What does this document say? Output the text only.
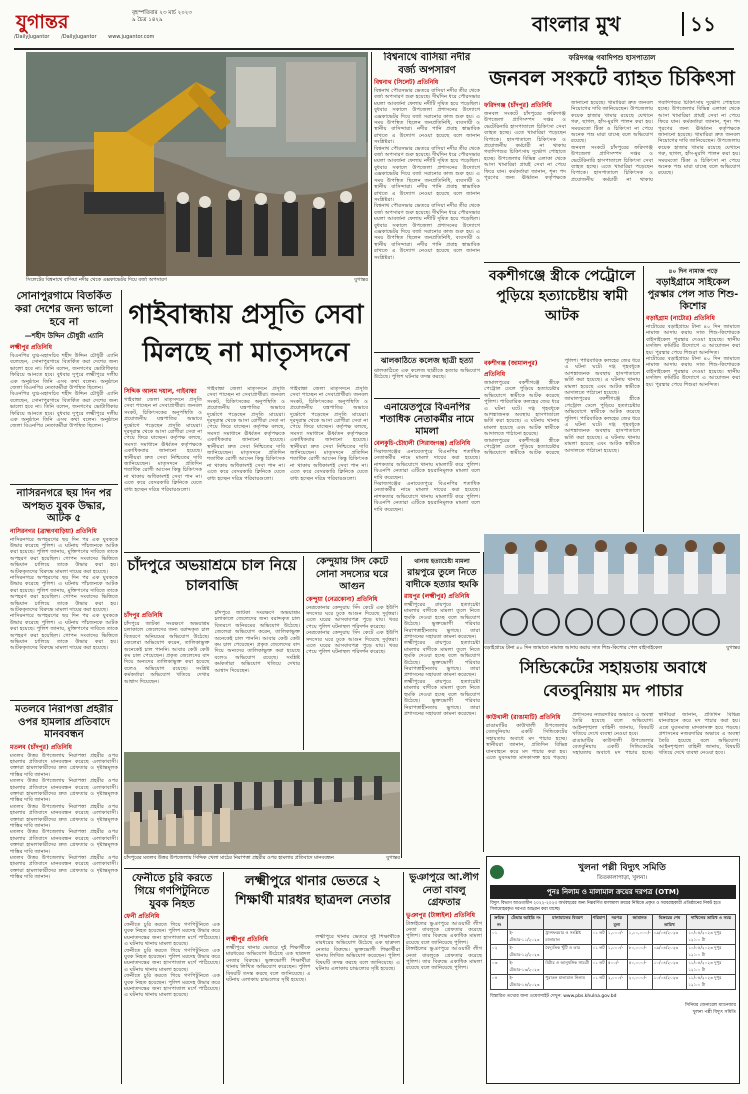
যুগান্তর	বৃহস্পতিবার ২৩ মার্চ ২০২৩
৯ চৈত্র ১৪২৯
/DailyJugantor /DailyJugantor www.jugantor.com
বাংলার মুখ	১১
সিলেটের বিশ্বনাথে বাসিয়া নদীর থেকে এক্সকাভেটর দিয়ে বর্জ্য অপসারণ	যুগান্তর
সোনাপুরগামে বিতর্কিত করা দেশের জন্য ভালো হবে না
—শহীদ উদ্দিন চৌধুরী এ্যানি
লক্ষ্মীপুর প্রতিনিধি
বিএনপির যুগ্ম-মহাসচিব শহীদ উদ্দিন চৌধুরী এ্যানি বলেছেন, সোনাপুরগামে বিতর্কিত করা দেশের জন্য ভালো হবে না। তিনি বলেন, জনগণের ভোটাধিকার ফিরিয়ে আনতে হবে। বুধবার দুপুরে লক্ষ্মীপুরে দলীয় এক অনুষ্ঠানে তিনি এসব কথা বলেন। অনুষ্ঠানে জেলা বিএনপির নেতাকর্মীরা উপস্থিত ছিলেন।
বিএনপির যুগ্ম-মহাসচিব শহীদ উদ্দিন চৌধুরী এ্যানি বলেছেন, সোনাপুরগামে বিতর্কিত করা দেশের জন্য ভালো হবে না। তিনি বলেন, জনগণের ভোটাধিকার ফিরিয়ে আনতে হবে। বুধবার দুপুরে লক্ষ্মীপুরে দলীয় এক অনুষ্ঠানে তিনি এসব কথা বলেন। অনুষ্ঠানে জেলা বিএনপির নেতাকর্মীরা উপস্থিত ছিলেন।
নাসিরনগরে ছয় দিন পর অপহৃত যুবক উদ্ধার, আটক ৫
নাসিরনগর (ব্রাহ্মণবাড়িয়া) প্রতিনিধি
নাসিরনগরে অপহরণের ছয় দিন পর এক যুবককে উদ্ধার করেছে পুলিশ। এ ঘটনায় পাঁচজনকে আটক করা হয়েছে। পুলিশ জানায়, মুক্তিপণের দাবিতে তাকে অপহরণ করা হয়েছিল। গোপন সংবাদের ভিত্তিতে অভিযান চালিয়ে তাকে উদ্ধার করা হয়। আটককৃতদের বিরুদ্ধে মামলা দায়ের করা হয়েছে।
নাসিরনগরে অপহরণের ছয় দিন পর এক যুবককে উদ্ধার করেছে পুলিশ। এ ঘটনায় পাঁচজনকে আটক করা হয়েছে। পুলিশ জানায়, মুক্তিপণের দাবিতে তাকে অপহরণ করা হয়েছিল। গোপন সংবাদের ভিত্তিতে অভিযান চালিয়ে তাকে উদ্ধার করা হয়। আটককৃতদের বিরুদ্ধে মামলা দায়ের করা হয়েছে।
নাসিরনগরে অপহরণের ছয় দিন পর এক যুবককে উদ্ধার করেছে পুলিশ। এ ঘটনায় পাঁচজনকে আটক করা হয়েছে। পুলিশ জানায়, মুক্তিপণের দাবিতে তাকে অপহরণ করা হয়েছিল। গোপন সংবাদের ভিত্তিতে অভিযান চালিয়ে তাকে উদ্ধার করা হয়। আটককৃতদের বিরুদ্ধে মামলা দায়ের করা হয়েছে।
মতলবে নিরাপত্তা প্রহরীর ওপর হামলার প্রতিবাদে মানববন্ধন
মতলব (চাঁদপুর) প্রতিনিধি
মতলব উত্তর উপজেলায় নিরাপত্তা প্রহরীর ওপর হামলার প্রতিবাদে মানববন্ধন করেছে এলাকাবাসী। বক্তারা হামলাকারীদের দ্রুত গ্রেফতার ও দৃষ্টান্তমূলক শাস্তির দাবি জানান।
মতলব উত্তর উপজেলায় নিরাপত্তা প্রহরীর ওপর হামলার প্রতিবাদে মানববন্ধন করেছে এলাকাবাসী। বক্তারা হামলাকারীদের দ্রুত গ্রেফতার ও দৃষ্টান্তমূলক শাস্তির দাবি জানান।
মতলব উত্তর উপজেলায় নিরাপত্তা প্রহরীর ওপর হামলার প্রতিবাদে মানববন্ধন করেছে এলাকাবাসী। বক্তারা হামলাকারীদের দ্রুত গ্রেফতার ও দৃষ্টান্তমূলক শাস্তির দাবি জানান।
মতলব উত্তর উপজেলায় নিরাপত্তা প্রহরীর ওপর হামলার প্রতিবাদে মানববন্ধন করেছে এলাকাবাসী। বক্তারা হামলাকারীদের দ্রুত গ্রেফতার ও দৃষ্টান্তমূলক শাস্তির দাবি জানান।
মতলব উত্তর উপজেলায় নিরাপত্তা প্রহরীর ওপর হামলার প্রতিবাদে মানববন্ধন করেছে এলাকাবাসী। বক্তারা হামলাকারীদের দ্রুত গ্রেফতার ও দৃষ্টান্তমূলক শাস্তির দাবি জানান।
গাইবান্ধায় প্রসূতি সেবা মিলছে না মাতৃসদনে
সিদ্দিক আলম দয়াল, গাইবান্ধা
গাইবান্ধা জেলা মাতৃসদনে প্রসূতি সেবা পাচ্ছেন না সেবাপ্রার্থীরা। জনবল সংকট, চিকিৎসকের অনুপস্থিতি ও প্রয়োজনীয় যন্ত্রপাতির অভাবে দুর্ভোগে পড়েছেন প্রসূতি মায়েরা। দূরদূরান্ত থেকে আসা রোগীরা সেবা না পেয়ে ফিরে যাচ্ছেন। কর্তৃপক্ষ বলছে, সমস্যা সমাধানে ঊর্ধ্বতন কর্তৃপক্ষকে একাধিকবার জানানো হয়েছে। স্থানীয়রা দ্রুত সেবা নিশ্চিতের দাবি জানিয়েছেন। মাতৃসদনে প্রতিদিন শতাধিক রোগী আসেন কিন্তু চিকিৎসক না থাকায় অধিকাংশই সেবা পান না। এতে করে বেসরকারি ক্লিনিকে যেতে বাধ্য হচ্ছেন দরিদ্র পরিবারগুলো।
গাইবান্ধা জেলা মাতৃসদনে প্রসূতি সেবা পাচ্ছেন না সেবাপ্রার্থীরা। জনবল সংকট, চিকিৎসকের অনুপস্থিতি ও প্রয়োজনীয় যন্ত্রপাতির অভাবে দুর্ভোগে পড়েছেন প্রসূতি মায়েরা। দূরদূরান্ত থেকে আসা রোগীরা সেবা না পেয়ে ফিরে যাচ্ছেন। কর্তৃপক্ষ বলছে, সমস্যা সমাধানে ঊর্ধ্বতন কর্তৃপক্ষকে একাধিকবার জানানো হয়েছে। স্থানীয়রা দ্রুত সেবা নিশ্চিতের দাবি জানিয়েছেন। মাতৃসদনে প্রতিদিন শতাধিক রোগী আসেন কিন্তু চিকিৎসক না থাকায় অধিকাংশই সেবা পান না। এতে করে বেসরকারি ক্লিনিকে যেতে বাধ্য হচ্ছেন দরিদ্র পরিবারগুলো।
গাইবান্ধা জেলা মাতৃসদনে প্রসূতি সেবা পাচ্ছেন না সেবাপ্রার্থীরা। জনবল সংকট, চিকিৎসকের অনুপস্থিতি ও প্রয়োজনীয় যন্ত্রপাতির অভাবে দুর্ভোগে পড়েছেন প্রসূতি মায়েরা। দূরদূরান্ত থেকে আসা রোগীরা সেবা না পেয়ে ফিরে যাচ্ছেন। কর্তৃপক্ষ বলছে, সমস্যা সমাধানে ঊর্ধ্বতন কর্তৃপক্ষকে একাধিকবার জানানো হয়েছে। স্থানীয়রা দ্রুত সেবা নিশ্চিতের দাবি জানিয়েছেন। মাতৃসদনে প্রতিদিন শতাধিক রোগী আসেন কিন্তু চিকিৎসক না থাকায় অধিকাংশই সেবা পান না। এতে করে বেসরকারি ক্লিনিকে যেতে বাধ্য হচ্ছেন দরিদ্র পরিবারগুলো।
বিশ্বনাথে বাসিয়া নদীর বর্জ্য অপসারণ
বিশ্বনাথ (সিলেট) প্রতিনিধি
বিশ্বনাথ পৌরসভার ভেতরে বাসিয়া নদীর তীর থেকে বর্জ্য অপসারণ শুরু হয়েছে। দীর্ঘদিন ধরে পৌরসভার ময়লা আবর্জনা ফেলায় নদীটি দূষিত হয়ে পড়েছিল। বুধবার সকালে উপজেলা প্রশাসনের উদ্যোগে এক্সকাভেটর দিয়ে বর্জ্য সরানোর কাজ শুরু হয়। এ সময় উপস্থিত ছিলেন জনপ্রতিনিধি, ব্যবসায়ী ও স্থানীয় বাসিন্দারা। নদীর পানি প্রবাহ স্বাভাবিক রাখতে এ উদ্যোগ নেওয়া হয়েছে বলে জানান সংশ্লিষ্টরা।
বিশ্বনাথ পৌরসভার ভেতরে বাসিয়া নদীর তীর থেকে বর্জ্য অপসারণ শুরু হয়েছে। দীর্ঘদিন ধরে পৌরসভার ময়লা আবর্জনা ফেলায় নদীটি দূষিত হয়ে পড়েছিল। বুধবার সকালে উপজেলা প্রশাসনের উদ্যোগে এক্সকাভেটর দিয়ে বর্জ্য সরানোর কাজ শুরু হয়। এ সময় উপস্থিত ছিলেন জনপ্রতিনিধি, ব্যবসায়ী ও স্থানীয় বাসিন্দারা। নদীর পানি প্রবাহ স্বাভাবিক রাখতে এ উদ্যোগ নেওয়া হয়েছে বলে জানান সংশ্লিষ্টরা।
বিশ্বনাথ পৌরসভার ভেতরে বাসিয়া নদীর তীর থেকে বর্জ্য অপসারণ শুরু হয়েছে। দীর্ঘদিন ধরে পৌরসভার ময়লা আবর্জনা ফেলায় নদীটি দূষিত হয়ে পড়েছিল। বুধবার সকালে উপজেলা প্রশাসনের উদ্যোগে এক্সকাভেটর দিয়ে বর্জ্য সরানোর কাজ শুরু হয়। এ সময় উপস্থিত ছিলেন জনপ্রতিনিধি, ব্যবসায়ী ও স্থানীয় বাসিন্দারা। নদীর পানি প্রবাহ স্বাভাবিক রাখতে এ উদ্যোগ নেওয়া হয়েছে বলে জানান সংশ্লিষ্টরা।
ঝালকাঠিতে কলেজ ছাত্রী হত্যা
ঝালকাঠিতে এক কলেজ ছাত্রীকে হত্যার অভিযোগ উঠেছে। পুলিশ ঘটনার তদন্ত করছে।
এনায়েতপুরে বিএনপির শতাধিক নেতাকর্মীর নামে মামলা
বেলকুচি-চৌহালী (সিরাজগঞ্জ) প্রতিনিধি
সিরাজগঞ্জের এনায়েতপুরে বিএনপির শতাধিক নেতাকর্মীর নামে মামলা দায়ের করা হয়েছে। নাশকতার অভিযোগে থানায় মামলাটি করে পুলিশ। বিএনপি নেতারা এটিকে হয়রানিমূলক মামলা বলে দাবি করেছেন।
সিরাজগঞ্জের এনায়েতপুরে বিএনপির শতাধিক নেতাকর্মীর নামে মামলা দায়ের করা হয়েছে। নাশকতার অভিযোগে থানায় মামলাটি করে পুলিশ। বিএনপি নেতারা এটিকে হয়রানিমূলক মামলা বলে দাবি করেছেন।
ফরিদগঞ্জ গবাদিপশু হাসপাতাল
জনবল সংকটে ব্যাহত চিকিৎসা
ফরিদগঞ্জ (চাঁদপুর) প্রতিনিধি
জনবল সংকটে চাঁদপুরের ফরিদগঞ্জ উপজেলা প্রাণিসম্পদ দপ্তর ও ভেটেরিনারি হাসপাতালে চিকিৎসা সেবা ব্যাহত হচ্ছে। এতে খামারিরা পড়েছেন বিপাকে। হাসপাতালে চিকিৎসক ও প্রয়োজনীয় কর্মচারী না থাকায় গবাদিপশুর চিকিৎসায় দুর্ভোগ পোহাতে হচ্ছে। উপজেলার বিভিন্ন এলাকা থেকে আসা খামারিরা প্রায়ই সেবা না পেয়ে ফিরে যান। কর্মকর্তারা জানান, শূন্য পদ পূরণের জন্য ঊর্ধ্বতন কর্তৃপক্ষকে জানানো হয়েছে। খামারিরা দ্রুত জনবল নিয়োগের দাবি জানিয়েছেন। উপজেলায় কয়েক হাজার খামার রয়েছে যেখানে গরু, ছাগল, হাঁস-মুরগি পালন করা হয়। সময়মতো টিকা ও চিকিৎসা না পেয়ে অনেক পশু মারা যাচ্ছে বলে অভিযোগ রয়েছে।
জনবল সংকটে চাঁদপুরের ফরিদগঞ্জ উপজেলা প্রাণিসম্পদ দপ্তর ও ভেটেরিনারি হাসপাতালে চিকিৎসা সেবা ব্যাহত হচ্ছে। এতে খামারিরা পড়েছেন বিপাকে। হাসপাতালে চিকিৎসক ও প্রয়োজনীয় কর্মচারী না থাকায় গবাদিপশুর চিকিৎসায় দুর্ভোগ পোহাতে হচ্ছে। উপজেলার বিভিন্ন এলাকা থেকে আসা খামারিরা প্রায়ই সেবা না পেয়ে ফিরে যান। কর্মকর্তারা জানান, শূন্য পদ পূরণের জন্য ঊর্ধ্বতন কর্তৃপক্ষকে জানানো হয়েছে। খামারিরা দ্রুত জনবল নিয়োগের দাবি জানিয়েছেন। উপজেলায় কয়েক হাজার খামার রয়েছে যেখানে গরু, ছাগল, হাঁস-মুরগি পালন করা হয়। সময়মতো টিকা ও চিকিৎসা না পেয়ে অনেক পশু মারা যাচ্ছে বলে অভিযোগ রয়েছে।
বকশীগঞ্জে স্ত্রীকে পেট্রোলে পুড়িয়ে হত্যাচেষ্টায় স্বামী আটক
বকশীগঞ্জ (জামালপুর) প্রতিনিধি
জামালপুরের বকশীগঞ্জে স্ত্রীকে পেট্রোল ঢেলে পুড়িয়ে হত্যাচেষ্টার অভিযোগে স্বামীকে আটক করেছে পুলিশ। পারিবারিক কলহের জের ধরে এ ঘটনা ঘটে। দগ্ধ গৃহবধূকে আশঙ্কাজনক অবস্থায় হাসপাতালে ভর্তি করা হয়েছে। এ ঘটনায় থানায় মামলা হয়েছে এবং আটক স্বামীকে আদালতে পাঠানো হয়েছে।
জামালপুরের বকশীগঞ্জে স্ত্রীকে পেট্রোল ঢেলে পুড়িয়ে হত্যাচেষ্টার অভিযোগে স্বামীকে আটক করেছে পুলিশ। পারিবারিক কলহের জের ধরে এ ঘটনা ঘটে। দগ্ধ গৃহবধূকে আশঙ্কাজনক অবস্থায় হাসপাতালে ভর্তি করা হয়েছে। এ ঘটনায় থানায় মামলা হয়েছে এবং আটক স্বামীকে আদালতে পাঠানো হয়েছে।
জামালপুরের বকশীগঞ্জে স্ত্রীকে পেট্রোল ঢেলে পুড়িয়ে হত্যাচেষ্টার অভিযোগে স্বামীকে আটক করেছে পুলিশ। পারিবারিক কলহের জের ধরে এ ঘটনা ঘটে। দগ্ধ গৃহবধূকে আশঙ্কাজনক অবস্থায় হাসপাতালে ভর্তি করা হয়েছে। এ ঘটনায় থানায় মামলা হয়েছে এবং আটক স্বামীকে আদালতে পাঠানো হয়েছে।
৪০ দিন নামাজ পড়ে
বড়াইগ্রামে সাইকেল পুরস্কার পেল সাত শিশু-কিশোর
বড়াইগ্রাম (নাটোর) প্রতিনিধি
নাটোরের বড়াইগ্রামে টানা ৪০ দিন জামাতে নামাজ আদায় করায় সাত শিশু-কিশোরকে বাইসাইকেল পুরস্কার দেওয়া হয়েছে। স্থানীয় মসজিদ কমিটির উদ্যোগে এ আয়োজন করা হয়। পুরস্কার পেয়ে শিশুরা আনন্দিত।
নাটোরের বড়াইগ্রামে টানা ৪০ দিন জামাতে নামাজ আদায় করায় সাত শিশু-কিশোরকে বাইসাইকেল পুরস্কার দেওয়া হয়েছে। স্থানীয় মসজিদ কমিটির উদ্যোগে এ আয়োজন করা হয়। পুরস্কার পেয়ে শিশুরা আনন্দিত।
বড়াইগ্রামে টানা ৪০ দিন জামাতে নামাজ আদায় করায় সাত শিশু-কিশোর পেল বাইসাইকেল	যুগান্তর
চাঁদপুরে অভয়াশ্রমে চাল নিয়ে চালবাজি
চাঁদপুর প্রতিনিধি
চাঁদপুরে জাটকা সংরক্ষণে অভয়াশ্রম চলাকালে জেলেদের জন্য বরাদ্দকৃত চাল বিতরণে অনিয়মের অভিযোগ উঠেছে। জেলেরা অভিযোগ করেন, তালিকাভুক্ত অনেকেই চাল পাননি। আবার কেউ কেউ কম চাল পেয়েছেন। প্রকৃত জেলেদের বাদ দিয়ে অন্যদের তালিকাভুক্ত করা হয়েছে বলেও অভিযোগ রয়েছে। সংশ্লিষ্ট কর্মকর্তারা অভিযোগ খতিয়ে দেখার আশ্বাস দিয়েছেন।
চাঁদপুরে জাটকা সংরক্ষণে অভয়াশ্রম চলাকালে জেলেদের জন্য বরাদ্দকৃত চাল বিতরণে অনিয়মের অভিযোগ উঠেছে। জেলেরা অভিযোগ করেন, তালিকাভুক্ত অনেকেই চাল পাননি। আবার কেউ কেউ কম চাল পেয়েছেন। প্রকৃত জেলেদের বাদ দিয়ে অন্যদের তালিকাভুক্ত করা হয়েছে বলেও অভিযোগ রয়েছে। সংশ্লিষ্ট কর্মকর্তারা অভিযোগ খতিয়ে দেখার আশ্বাস দিয়েছেন।
কেন্দুয়ায় সিঁদ কেটে সোনা সদস্যের ঘরে আগুন
কেন্দুয়া (নেত্রকোনা) প্রতিনিধি
নেত্রকোনার কেন্দুয়ায় সিঁদ কেটে এক ইউপি সদস্যের ঘরে ঢুকে আগুন দিয়েছে দুর্বৃত্তরা। এতে ঘরের আসবাবপত্র পুড়ে যায়। খবর পেয়ে পুলিশ ঘটনাস্থল পরিদর্শন করেছে।
নেত্রকোনার কেন্দুয়ায় সিঁদ কেটে এক ইউপি সদস্যের ঘরে ঢুকে আগুন দিয়েছে দুর্বৃত্তরা। এতে ঘরের আসবাবপত্র পুড়ে যায়। খবর পেয়ে পুলিশ ঘটনাস্থল পরিদর্শন করেছে।
থানায় হত্যাচেষ্টা মামলা
রায়পুরে তুলে নিতে বাদীকে হত্যার হুমকি
রায়পুর (লক্ষ্মীপুর) প্রতিনিধি
লক্ষ্মীপুরের রায়পুরে হত্যাচেষ্টা মামলার বাদীকে মামলা তুলে নিতে হুমকি দেওয়া হচ্ছে বলে অভিযোগ উঠেছে। ভুক্তভোগী পরিবার নিরাপত্তাহীনতায় ভুগছে। তারা প্রশাসনের সহায়তা কামনা করেছেন।
লক্ষ্মীপুরের রায়পুরে হত্যাচেষ্টা মামলার বাদীকে মামলা তুলে নিতে হুমকি দেওয়া হচ্ছে বলে অভিযোগ উঠেছে। ভুক্তভোগী পরিবার নিরাপত্তাহীনতায় ভুগছে। তারা প্রশাসনের সহায়তা কামনা করেছেন।
লক্ষ্মীপুরের রায়পুরে হত্যাচেষ্টা মামলার বাদীকে মামলা তুলে নিতে হুমকি দেওয়া হচ্ছে বলে অভিযোগ উঠেছে। ভুক্তভোগী পরিবার নিরাপত্তাহীনতায় ভুগছে। তারা প্রশাসনের সহায়তা কামনা করেছেন।
সিন্ডিকেটের সহায়তায় অবাধে বেতবুনিয়ায় মদ পাচার
কাউখালী (রাঙামাটি) প্রতিনিধি
রাঙামাটির কাউখালী উপজেলার বেতবুনিয়ায় একটি সিন্ডিকেটের সহায়তায় অবাধে মদ পাচার হচ্ছে। স্থানীয়রা জানান, প্রতিদিন বিভিন্ন যানবাহনে করে মদ পাচার করা হয়। এতে যুবসমাজ মাদকাসক্ত হয়ে পড়ছে। প্রশাসনের নজরদারির অভাবে এ অবস্থা তৈরি হয়েছে বলে অভিযোগ। আইনশৃঙ্খলা বাহিনী জানায়, বিষয়টি খতিয়ে দেখে ব্যবস্থা নেওয়া হবে।
রাঙামাটির কাউখালী উপজেলার বেতবুনিয়ায় একটি সিন্ডিকেটের সহায়তায় অবাধে মদ পাচার হচ্ছে। স্থানীয়রা জানান, প্রতিদিন বিভিন্ন যানবাহনে করে মদ পাচার করা হয়। এতে যুবসমাজ মাদকাসক্ত হয়ে পড়ছে। প্রশাসনের নজরদারির অভাবে এ অবস্থা তৈরি হয়েছে বলে অভিযোগ। আইনশৃঙ্খলা বাহিনী জানায়, বিষয়টি খতিয়ে দেখে ব্যবস্থা নেওয়া হবে।
চাঁদপুরের মতলব উত্তর উপজেলায় সিদ্দিক খেলা মাঠের নিরাপত্তা প্রহরীর ওপর হামলার প্রতিবাদে মানববন্ধন	যুগান্তর
ফেনীতে চুরি করতে গিয়ে গণপিটুনিতে যুবক নিহত
ফেনী প্রতিনিধি
ফেনীতে চুরি করতে গিয়ে গণপিটুনিতে এক যুবক নিহত হয়েছেন। পুলিশ মরদেহ উদ্ধার করে ময়নাতদন্তের জন্য হাসপাতাল মর্গে পাঠিয়েছে। এ ঘটনায় থানায় মামলা হয়েছে।
ফেনীতে চুরি করতে গিয়ে গণপিটুনিতে এক যুবক নিহত হয়েছেন। পুলিশ মরদেহ উদ্ধার করে ময়নাতদন্তের জন্য হাসপাতাল মর্গে পাঠিয়েছে। এ ঘটনায় থানায় মামলা হয়েছে।
ফেনীতে চুরি করতে গিয়ে গণপিটুনিতে এক যুবক নিহত হয়েছেন। পুলিশ মরদেহ উদ্ধার করে ময়নাতদন্তের জন্য হাসপাতাল মর্গে পাঠিয়েছে। এ ঘটনায় থানায় মামলা হয়েছে।
লক্ষ্মীপুরে থানার ভেতরে ২ শিক্ষার্থী মারধর ছাত্রদল নেতার
লক্ষ্মীপুর প্রতিনিধি
লক্ষ্মীপুরে থানার ভেতরে দুই শিক্ষার্থীকে মারধরের অভিযোগ উঠেছে এক ছাত্রদল নেতার বিরুদ্ধে। ভুক্তভোগী শিক্ষার্থীরা থানায় লিখিত অভিযোগ করেছেন। পুলিশ বিষয়টি তদন্ত করছে বলে জানিয়েছে। এ ঘটনায় এলাকায় চাঞ্চল্যের সৃষ্টি হয়েছে।
লক্ষ্মীপুরে থানার ভেতরে দুই শিক্ষার্থীকে মারধরের অভিযোগ উঠেছে এক ছাত্রদল নেতার বিরুদ্ধে। ভুক্তভোগী শিক্ষার্থীরা থানায় লিখিত অভিযোগ করেছেন। পুলিশ বিষয়টি তদন্ত করছে বলে জানিয়েছে। এ ঘটনায় এলাকায় চাঞ্চল্যের সৃষ্টি হয়েছে।
ভুঞাপুরে আ.লীগ নেতা বাবলু গ্রেফতার
ভুঞাপুর (টাঙ্গাইল) প্রতিনিধি
টাঙ্গাইলের ভুঞাপুরে আওয়ামী লীগ নেতা বাবলুকে গ্রেফতার করেছে পুলিশ। তার বিরুদ্ধে একাধিক মামলা রয়েছে বলে জানিয়েছে পুলিশ।
টাঙ্গাইলের ভুঞাপুরে আওয়ামী লীগ নেতা বাবলুকে গ্রেফতার করেছে পুলিশ। তার বিরুদ্ধে একাধিক মামলা রয়েছে বলে জানিয়েছে পুলিশ।
খুলনা পল্লী বিদ্যুৎ সমিতি
তিতকালাপাড়া, খুলনা।
পুনঃ নিলাম ও মালামাল ক্রয়ের দরপত্র (OTM)
বিদ্যুৎ বিভাগ আওতাধীন ২০২২-২০২৩ অর্থবছরের জন্য নিম্নবর্ণিত মালামাল ক্রয়ের নিমিত্তে প্রকৃত ও সরবরাহকারী প্রতিষ্ঠানের নিকট হতে সিলমোহরকৃত দরপত্র আহ্বান করা যাচ্ছে।
ক্রমিক নং	টেন্ডার আইডি নং	মালামালের বিবরণ	পরিমাণ	দরপত্র মূল্য	জামানত	বিক্রয়ের শেষ তারিখ	দাখিলের তারিখ ও সময়
০১	ই-টেন্ডার-১১/২০২৩	ট্রান্সফরমার ও সংশ্লিষ্ট মালামাল	০১ লট	১,০০০/-	১,০০,০০০/-	০৯/০৪/২০২৩	১০/০৪/২০২৩ দুপুর ১২:০০ টা
০২	ই-টেন্ডার-১২/২০২৩	বৈদ্যুতিক খুঁটি ও তার	০১ লট	১,০০০/-	৮০,০০০/-	০৯/০৪/২০২৩	১০/০৪/২০২৩ দুপুর ১২:০০ টা
০৩	ই-টেন্ডার-১৩/২০২৩	মিটার ও আনুষঙ্গিক সামগ্রী	০১ লট	৫০০/-	৫০,০০০/-	১০/০৪/২০২৩	১১/০৪/২০২৩ দুপুর ১২:০০ টা
০৪	ই-টেন্ডার-১৪/২০২৩	পুরাতন মালামাল নিলাম	০১ লট	২,০০০/-	২০,০০০/-	১০/০৪/২০২৩	১১/০৪/২০২৩ দুপুর ১২:০০ টা
বিস্তারিত তথ্যের জন্য ওয়েবসাইট দেখুন: www.pbs.khulna.gov.bd
সিনিয়র জেনারেল ম্যানেজার
খুলনা পল্লী বিদ্যুৎ সমিতি
